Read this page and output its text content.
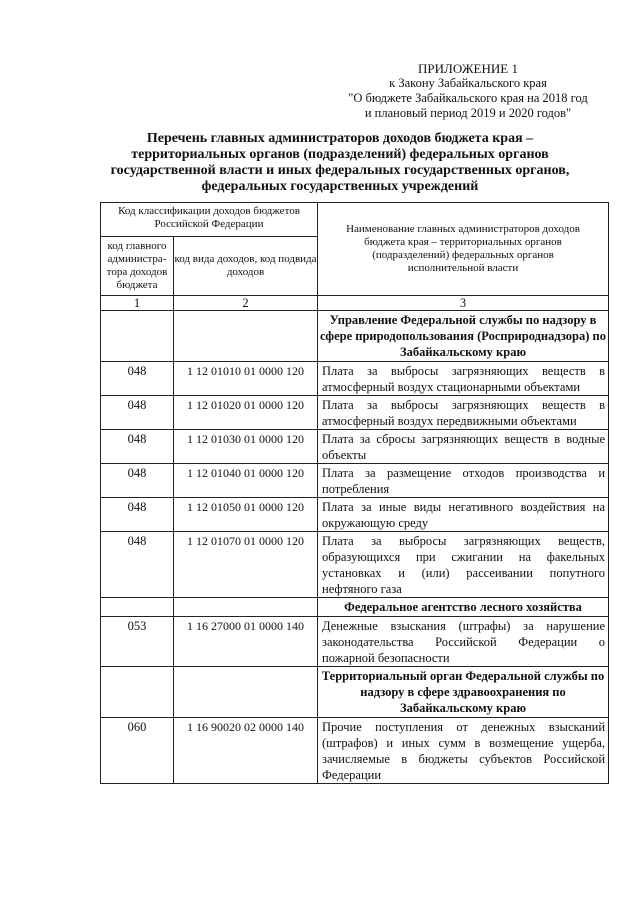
ПРИЛОЖЕНИЕ 1
к Закону Забайкальского края
"О бюджете Забайкальского края на 2018 год
и плановый период 2019 и 2020 годов"
Перечень главных администраторов доходов бюджета края –
территориальных органов (подразделений) федеральных органов
государственной власти и иных федеральных государственных органов,
федеральных государственных учреждений
Код классификации доходов бюджетов Российской Федерации		Наименование главных администраторов доходов бюджета края – территориальных органов (подразделений) федеральных органов исполнительной власти
код главного администра-тора доходов бюджета	код вида доходов, код подвида доходов	
1	2	3
		Управление Федеральной службы по надзору в сфере природопользования (Росприроднадзора) по Забайкальскому краю
048	1 12 01010 01 0000 120	Плата за выбросы загрязняющих веществ в атмосферный воздух стационарными объектами
048	1 12 01020 01 0000 120	Плата за выбросы загрязняющих веществ в атмосферный воздух передвижными объектами
048	1 12 01030 01 0000 120	Плата за сбросы загрязняющих веществ в водные объекты
048	1 12 01040 01 0000 120	Плата за размещение отходов производства и потребления
048	1 12 01050 01 0000 120	Плата за иные виды негативного воздействия на окружающую среду
048	1 12 01070 01 0000 120	Плата за выбросы загрязняющих веществ, образующихся при сжигании на факельных установках и (или) рассеивании попутного нефтяного газа
		Федеральное агентство лесного хозяйства
053	1 16 27000 01 0000 140	Денежные взыскания (штрафы) за нарушение законодательства Российской Федерации о пожарной безопасности
		Территориальный орган Федеральной службы по надзору в сфере здравоохранения по Забайкальскому краю
060	1 16 90020 02 0000 140	Прочие поступления от денежных взысканий (штрафов) и иных сумм в возмещение ущерба, зачисляемые в бюджеты субъектов Российской Федерации
